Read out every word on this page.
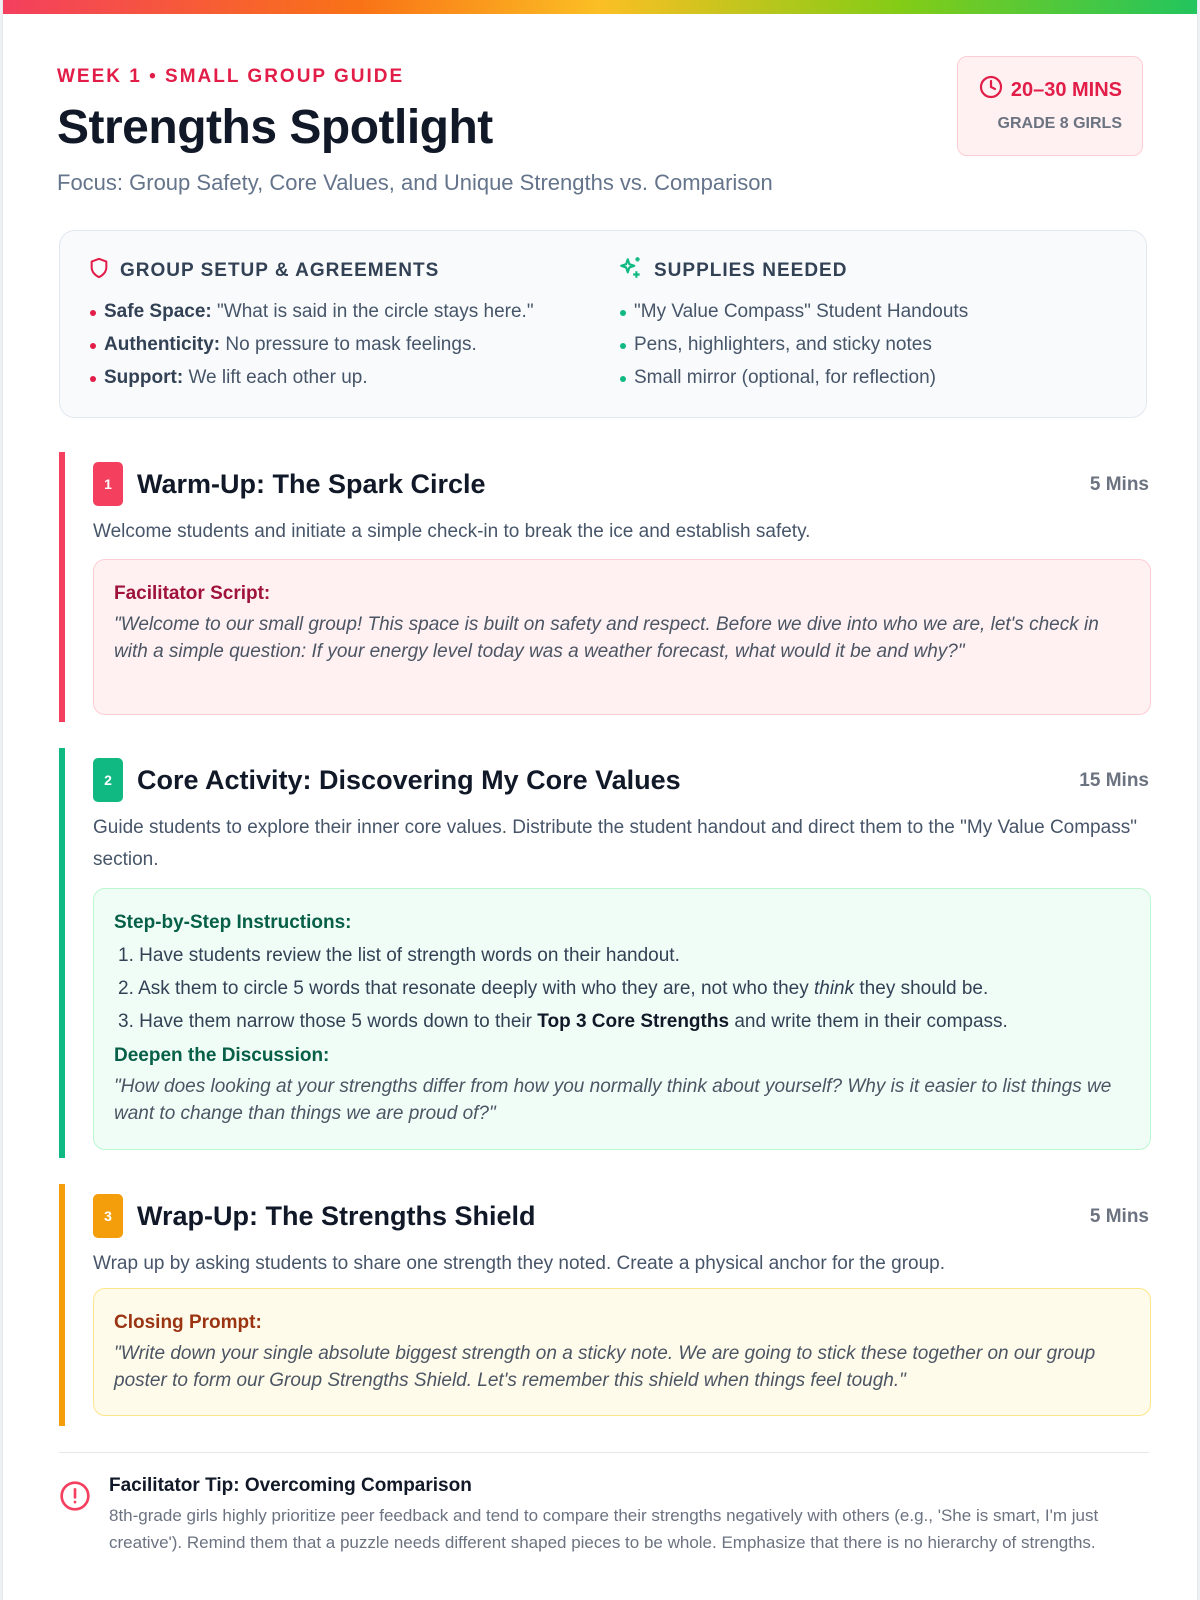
WEEK 1 • SMALL GROUP GUIDE
Strengths Spotlight
Focus: Group Safety, Core Values, and Unique Strengths vs. Comparison
20–30 MINS
GRADE 8 GIRLS
GROUP SETUP & AGREEMENTS
Safe Space: "What is said in the circle stays here."
Authenticity: No pressure to mask feelings.
Support: We lift each other up.
SUPPLIES NEEDED
"My Value Compass" Student Handouts
Pens, highlighters, and sticky notes
Small mirror (optional, for reflection)
1 Warm-Up: The Spark Circle	5 Mins
Welcome students and initiate a simple check-in to break the ice and establish safety.
Facilitator Script:
"Welcome to our small group! This space is built on safety and respect. Before we dive into who we are, let's check in with a simple question: If your energy level today was a weather forecast, what would it be and why?"
2 Core Activity: Discovering My Core Values	15 Mins
Guide students to explore their inner core values. Distribute the student handout and direct them to the "My Value Compass" section.
Step-by-Step Instructions:
1. Have students review the list of strength words on their handout.
2. Ask them to circle 5 words that resonate deeply with who they are, not who they think they should be.
3. Have them narrow those 5 words down to their Top 3 Core Strengths and write them in their compass.
Deepen the Discussion:
"How does looking at your strengths differ from how you normally think about yourself? Why is it easier to list things we want to change than things we are proud of?"
3 Wrap-Up: The Strengths Shield	5 Mins
Wrap up by asking students to share one strength they noted. Create a physical anchor for the group.
Closing Prompt:
"Write down your single absolute biggest strength on a sticky note. We are going to stick these together on our group poster to form our Group Strengths Shield. Let's remember this shield when things feel tough."
Facilitator Tip: Overcoming Comparison
8th-grade girls highly prioritize peer feedback and tend to compare their strengths negatively with others (e.g., 'She is smart, I'm just creative'). Remind them that a puzzle needs different shaped pieces to be whole. Emphasize that there is no hierarchy of strengths.
